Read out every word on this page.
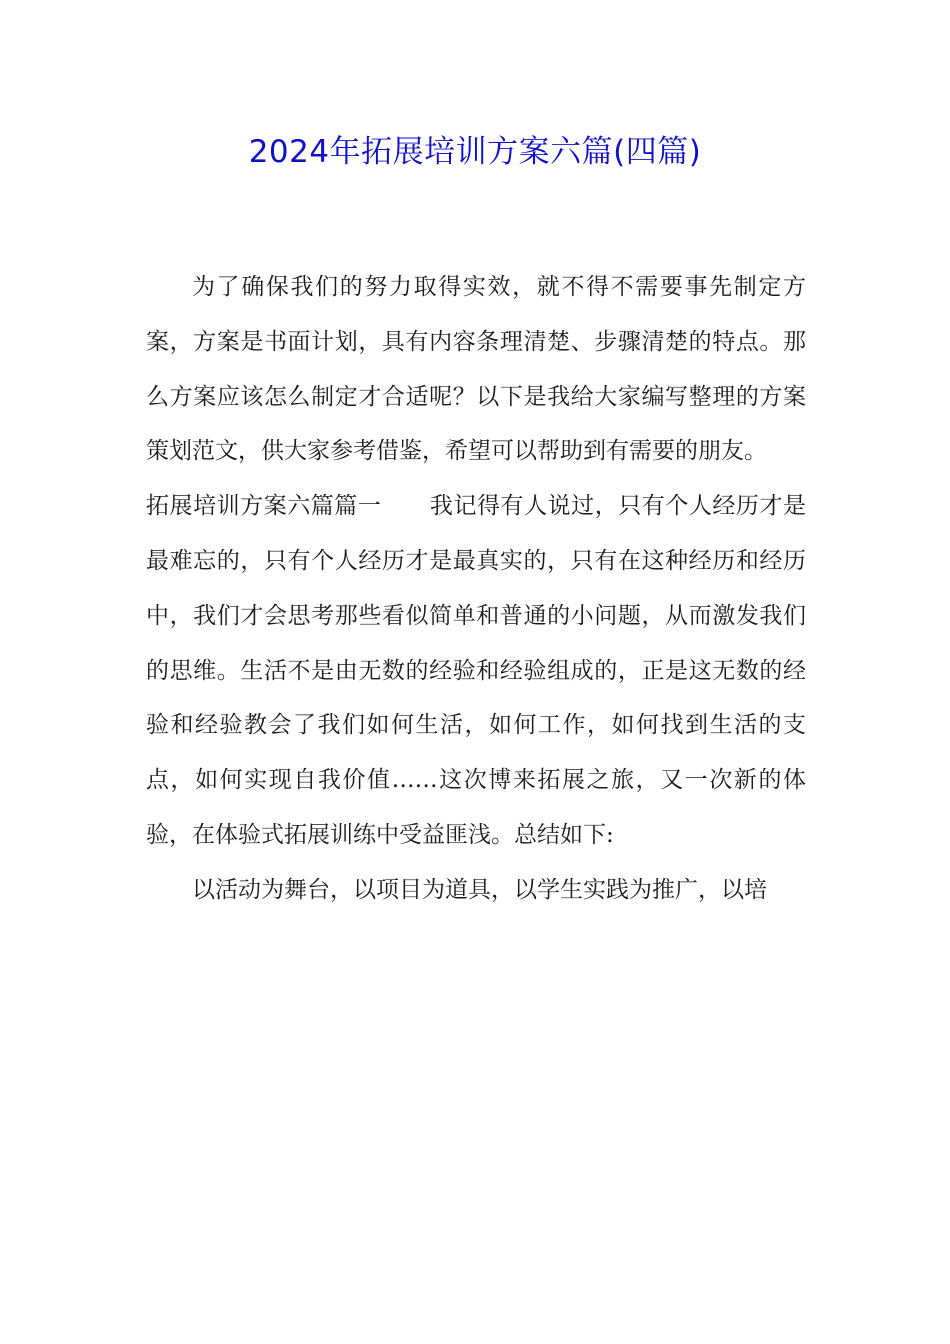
2024年拓展培训方案六篇(四篇)

为了确保我们的努力取得实效，就不得不需要事先制定方案，方案是书面计划，具有内容条理清楚、步骤清楚的特点。那么方案应该怎么制定才合适呢？以下是我给大家编写整理的方案策划范文，供大家参考借鉴，希望可以帮助到有需要的朋友。

拓展培训方案六篇篇一 我记得有人说过，只有个人经历才是最难忘的，只有个人经历才是最真实的，只有在这种经历和经历中，我们才会思考那些看似简单和普通的小问题，从而激发我们的思维。生活不是由无数的经验和经验组成的，正是这无数的经验和经验教会了我们如何生活，如何工作，如何找到生活的支点，如何实现自我价值……这次博来拓展之旅，又一次新的体验，在体验式拓展训练中受益匪浅。总结如下:

以活动为舞台，以项目为道具，以学生实践为推广，以培
